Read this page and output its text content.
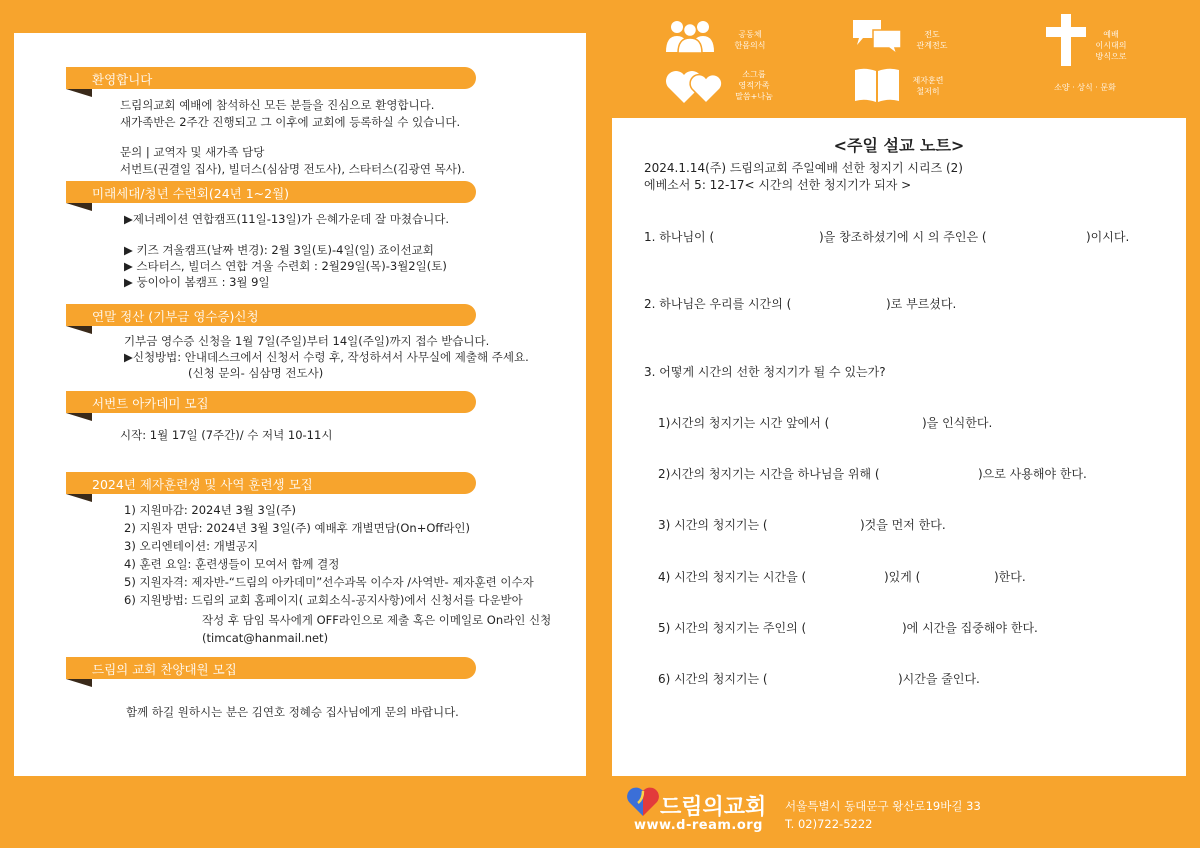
환영합니다
드림의교회 예배에 참석하신 모든 분들을 진심으로 환영합니다.
새가족반은 2주간 진행되고 그 이후에 교회에 등록하실 수 있습니다.
문의 | 교역자 및 새가족 담당
서번트(권결일 집사), 빌더스(심삼명 전도사), 스타터스(김광연 목사).
미래세대/청년 수련회(24년 1~2월)
▶제너레이션 연합캠프(11일-13일)가 은혜가운데 잘 마쳤습니다.
▶ 키즈 겨울캠프(날짜 변경): 2월 3일(토)-4일(일) 죠이선교회
▶ 스타터스, 빌더스 연합 겨울 수련회 : 2월29일(목)-3월2일(토)
▶ 둥이아이 봄캠프 : 3월 9일
연말 정산 (기부금 영수증)신청
기부금 영수증 신청을 1월 7일(주일)부터 14일(주일)까지 접수 받습니다.
▶신청방법: 안내데스크에서 신청서 수령 후, 작성하셔서 사무실에 제출해 주세요.
(신청 문의- 심삼명 전도사)
서번트 아카데미 모집
시작: 1월 17일 (7주간)/ 수 저녁 10-11시
2024년 제자훈련생 및 사역 훈련생 모집
1) 지원마감: 2024년 3월 3일(주)
2) 지원자 면담: 2024년 3월 3일(주) 예배후 개별면담(On+Off라인)
3) 오리엔테이션: 개별공지
4) 훈련 요일: 훈련생들이 모여서 함께 결정
5) 지원자격: 제자반-“드림의 아카데미”선수과목 이수자 /사역반- 제자훈련 이수자
6) 지원방법: 드림의 교회 홈페이지( 교회소식-공지사항)에서 신청서를 다운받아
작성 후 담임 목사에게 OFF라인으로 제출 혹은 이메일로 On라인 신청
(timcat@hanmail.net)
드림의 교회 찬양대원 모집
함께 하길 원하시는 분은 김연호 정혜승 집사님에게 문의 바랍니다.
공동체
한몸의식
전도
관계전도
예배
이시대의
방식으로
소그룹
영적가족
말씀+나눔
제자훈련
철저히	소양 · 상식 · 문화
<주일 설교 노트>
2024.1.14(주) 드림의교회 주일예배 선한 청지기 시리즈 (2)
에베소서 5: 12-17< 시간의 선한 청지기가 되자 >
1. 하나님이 (	)을 창조하셨기에 시 의 주인은 (	)이시다.
2. 하나님은 우리를 시간의 (	)로 부르셨다.
3. 어떻게 시간의 선한 청지기가 될 수 있는가?
1)시간의 청지기는 시간 앞에서 (	)을 인식한다.
2)시간의 청지기는 시간을 하나님을 위해 (	)으로 사용해야 한다.
3) 시간의 청지기는 (	)것을 먼저 한다.
4) 시간의 청지기는 시간을 (	)있게 (	)한다.
5) 시간의 청지기는 주인의 (	)에 시간을 집중해야 한다.
6) 시간의 청지기는 (	)시간을 줄인다.
드림의교회
www.d-ream.org
서울특별시 동대문구 왕산로19바길 33
T. 02)722-5222
